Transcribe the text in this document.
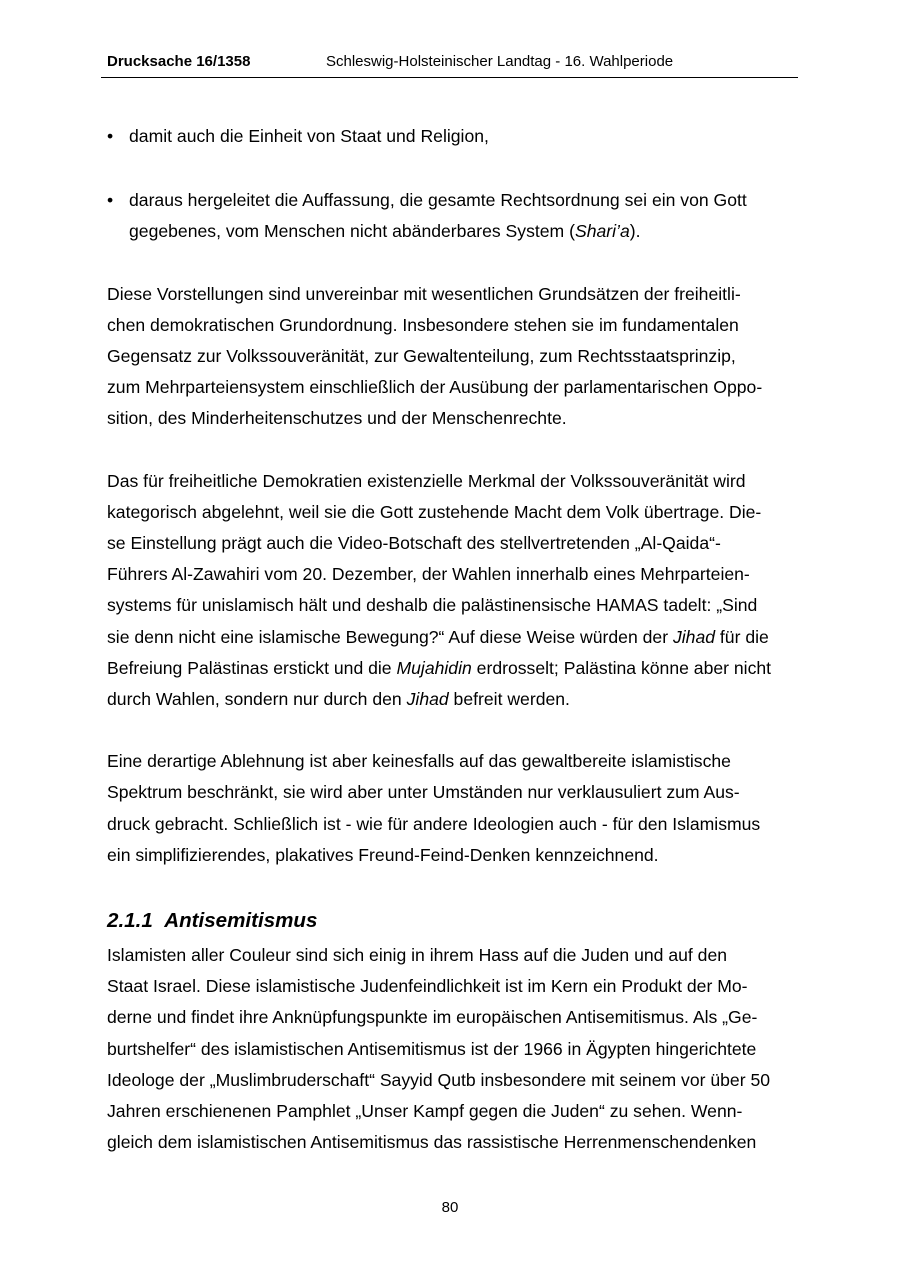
Drucksache 16/1358	Schleswig-Holsteinischer Landtag - 16. Wahlperiode
• damit auch die Einheit von Staat und Religion,
• daraus hergeleitet die Auffassung, die gesamte Rechtsordnung sei ein von Gott
gegebenes, vom Menschen nicht abänderbares System (Shari’a).

Diese Vorstellungen sind unvereinbar mit wesentlichen Grundsätzen der freiheitli-
chen demokratischen Grundordnung. Insbesondere stehen sie im fundamentalen
Gegensatz zur Volkssouveränität, zur Gewaltenteilung, zum Rechtsstaatsprinzip,
zum Mehrparteiensystem einschließlich der Ausübung der parlamentarischen Oppo-
sition, des Minderheitenschutzes und der Menschenrechte.

Das für freiheitliche Demokratien existenzielle Merkmal der Volkssouveränität wird
kategorisch abgelehnt, weil sie die Gott zustehende Macht dem Volk übertrage. Die-
se Einstellung prägt auch die Video-Botschaft des stellvertretenden „Al-Qaida“-
Führers Al-Zawahiri vom 20. Dezember, der Wahlen innerhalb eines Mehrparteien-
systems für unislamisch hält und deshalb die palästinensische HAMAS tadelt: „Sind
sie denn nicht eine islamische Bewegung?“ Auf diese Weise würden der Jihad für die
Befreiung Palästinas erstickt und die Mujahidin erdrosselt; Palästina könne aber nicht
durch Wahlen, sondern nur durch den Jihad befreit werden.

Eine derartige Ablehnung ist aber keinesfalls auf das gewaltbereite islamistische
Spektrum beschränkt, sie wird aber unter Umständen nur verklausuliert zum Aus-
druck gebracht. Schließlich ist - wie für andere Ideologien auch - für den Islamismus
ein simplifizierendes, plakatives Freund-Feind-Denken kennzeichnend.

2.1.1 Antisemitismus

Islamisten aller Couleur sind sich einig in ihrem Hass auf die Juden und auf den
Staat Israel. Diese islamistische Judenfeindlichkeit ist im Kern ein Produkt der Mo-
derne und findet ihre Anknüpfungspunkte im europäischen Antisemitismus. Als „Ge-
burtshelfer“ des islamistischen Antisemitismus ist der 1966 in Ägypten hingerichtete
Ideologe der „Muslimbruderschaft“ Sayyid Qutb insbesondere mit seinem vor über 50
Jahren erschienenen Pamphlet „Unser Kampf gegen die Juden“ zu sehen. Wenn-
gleich dem islamistischen Antisemitismus das rassistische Herrenmenschendenken

80
